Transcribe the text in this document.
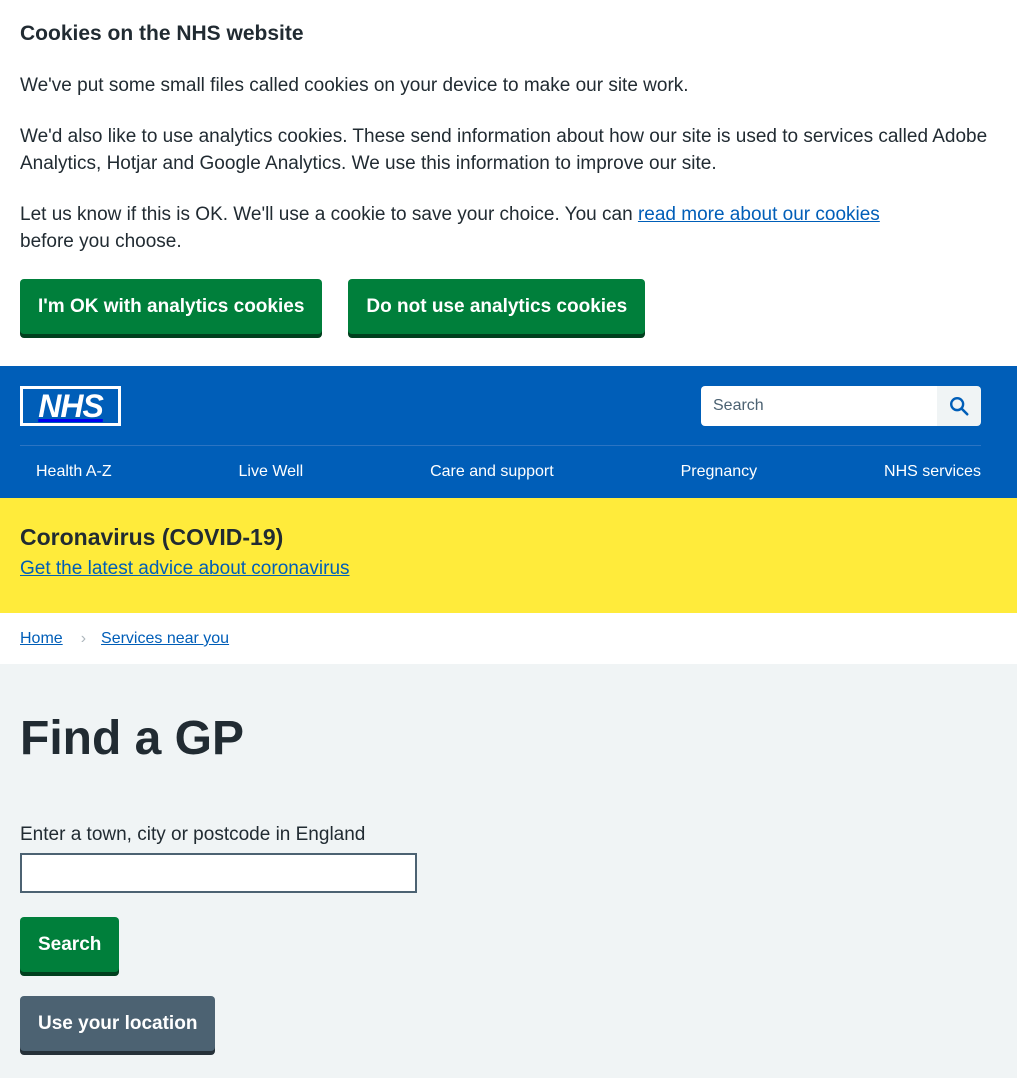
Cookies on the NHS website

We've put some small files called cookies on your device to make our site work.

We'd also like to use analytics cookies. These send information about how our site is used to services called Adobe Analytics, Hotjar and Google Analytics. We use this information to improve our site.

Let us know if this is OK. We'll use a cookie to save your choice. You can read more about our cookies
before you choose.

I'm OK with analytics cookies	Do not use analytics cookies
NHS
Search
Health A-Z	Live Well	Care and support	Pregnancy	NHS services
Coronavirus (COVID-19)
Get the latest advice about coronavirus
Home › Services near you
Find a GP
Enter a town, city or postcode in England
Search
Use your location
